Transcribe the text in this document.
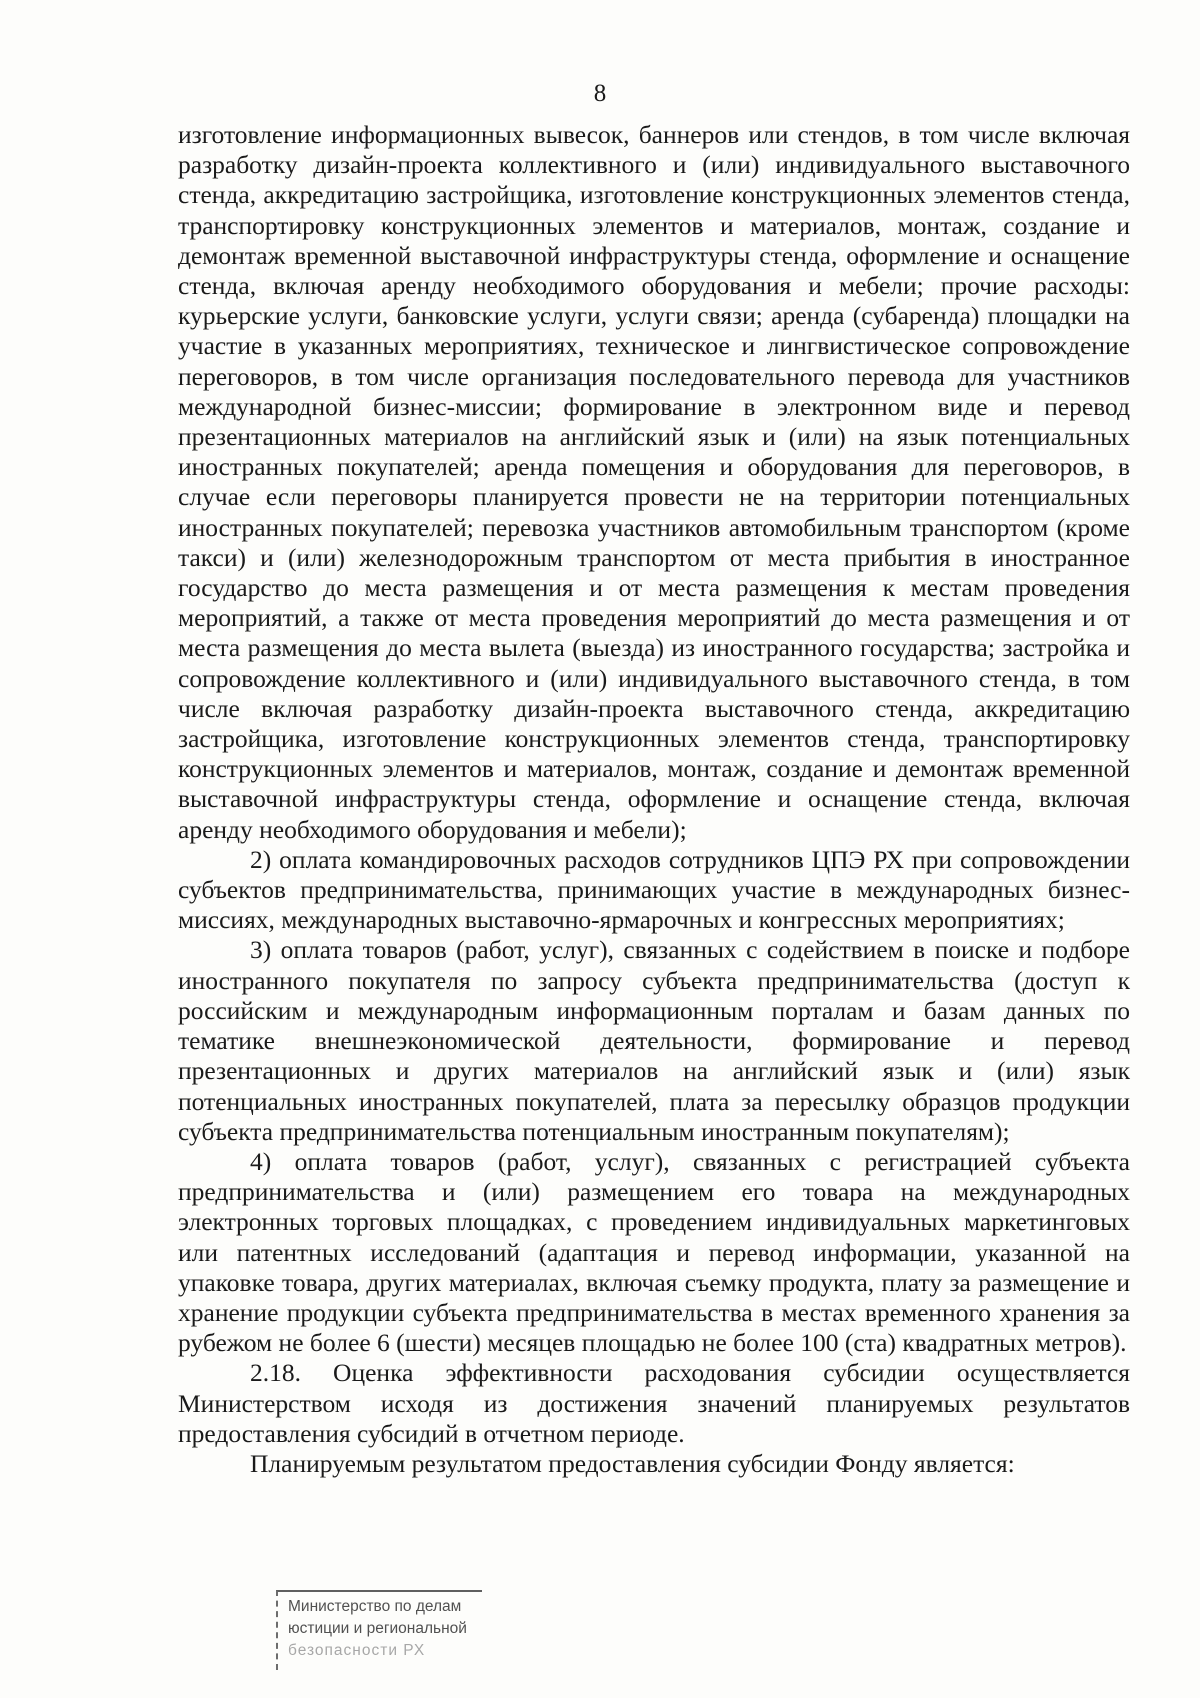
8

изготовление информационных вывесок, баннеров или стендов, в том числе включая разработку дизайн-проекта коллективного и (или) индивидуального выставочного стенда, аккредитацию застройщика, изготовление конструкционных элементов стенда, транспортировку конструкционных элементов и материалов, монтаж, создание и демонтаж временной выставочной инфраструктуры стенда, оформление и оснащение стенда, включая аренду необходимого оборудования и мебели; прочие расходы: курьерские услуги, банковские услуги, услуги связи; аренда (субаренда) площадки на участие в указанных мероприятиях, техническое и лингвистическое сопровождение переговоров, в том числе организация последовательного перевода для участников международной бизнес-миссии; формирование в электронном виде и перевод презентационных материалов на английский язык и (или) на язык потенциальных иностранных покупателей; аренда помещения и оборудования для переговоров, в случае если переговоры планируется провести не на территории потенциальных иностранных покупателей; перевозка участников автомобильным транспортом (кроме такси) и (или) железнодорожным транспортом от места прибытия в иностранное государство до места размещения и от места размещения к местам проведения мероприятий, а также от места проведения мероприятий до места размещения и от места размещения до места вылета (выезда) из иностранного государства; застройка и сопровождение коллективного и (или) индивидуального выставочного стенда, в том числе включая разработку дизайн-проекта выставочного стенда, аккредитацию застройщика, изготовление конструкционных элементов стенда, транспортировку конструкционных элементов и материалов, монтаж, создание и демонтаж временной выставочной инфраструктуры стенда, оформление и оснащение стенда, включая аренду необходимого оборудования и мебели);

2) оплата командировочных расходов сотрудников ЦПЭ РХ при сопровождении субъектов предпринимательства, принимающих участие в международных бизнес-миссиях, международных выставочно-ярмарочных и конгрессных мероприятиях;

3) оплата товаров (работ, услуг), связанных с содействием в поиске и подборе иностранного покупателя по запросу субъекта предпринимательства (доступ к российским и международным информационным порталам и базам данных по тематике внешнеэкономической деятельности, формирование и перевод презентационных и других материалов на английский язык и (или) язык потенциальных иностранных покупателей, плата за пересылку образцов продукции субъекта предпринимательства потенциальным иностранным покупателям);

4) оплата товаров (работ, услуг), связанных с регистрацией субъекта предпринимательства и (или) размещением его товара на международных электронных торговых площадках, с проведением индивидуальных маркетинговых или патентных исследований (адаптация и перевод информации, указанной на упаковке товара, других материалах, включая съемку продукта, плату за размещение и хранение продукции субъекта предпринимательства в местах временного хранения за рубежом не более 6 (шести) месяцев площадью не более 100 (ста) квадратных метров).

2.18. Оценка эффективности расходования субсидии осуществляется Министерством исходя из достижения значений планируемых результатов предоставления субсидий в отчетном периоде.

Планируемым результатом предоставления субсидии Фонду является:

Министерство по делам
юстиции и региональной
безопасности РХ
